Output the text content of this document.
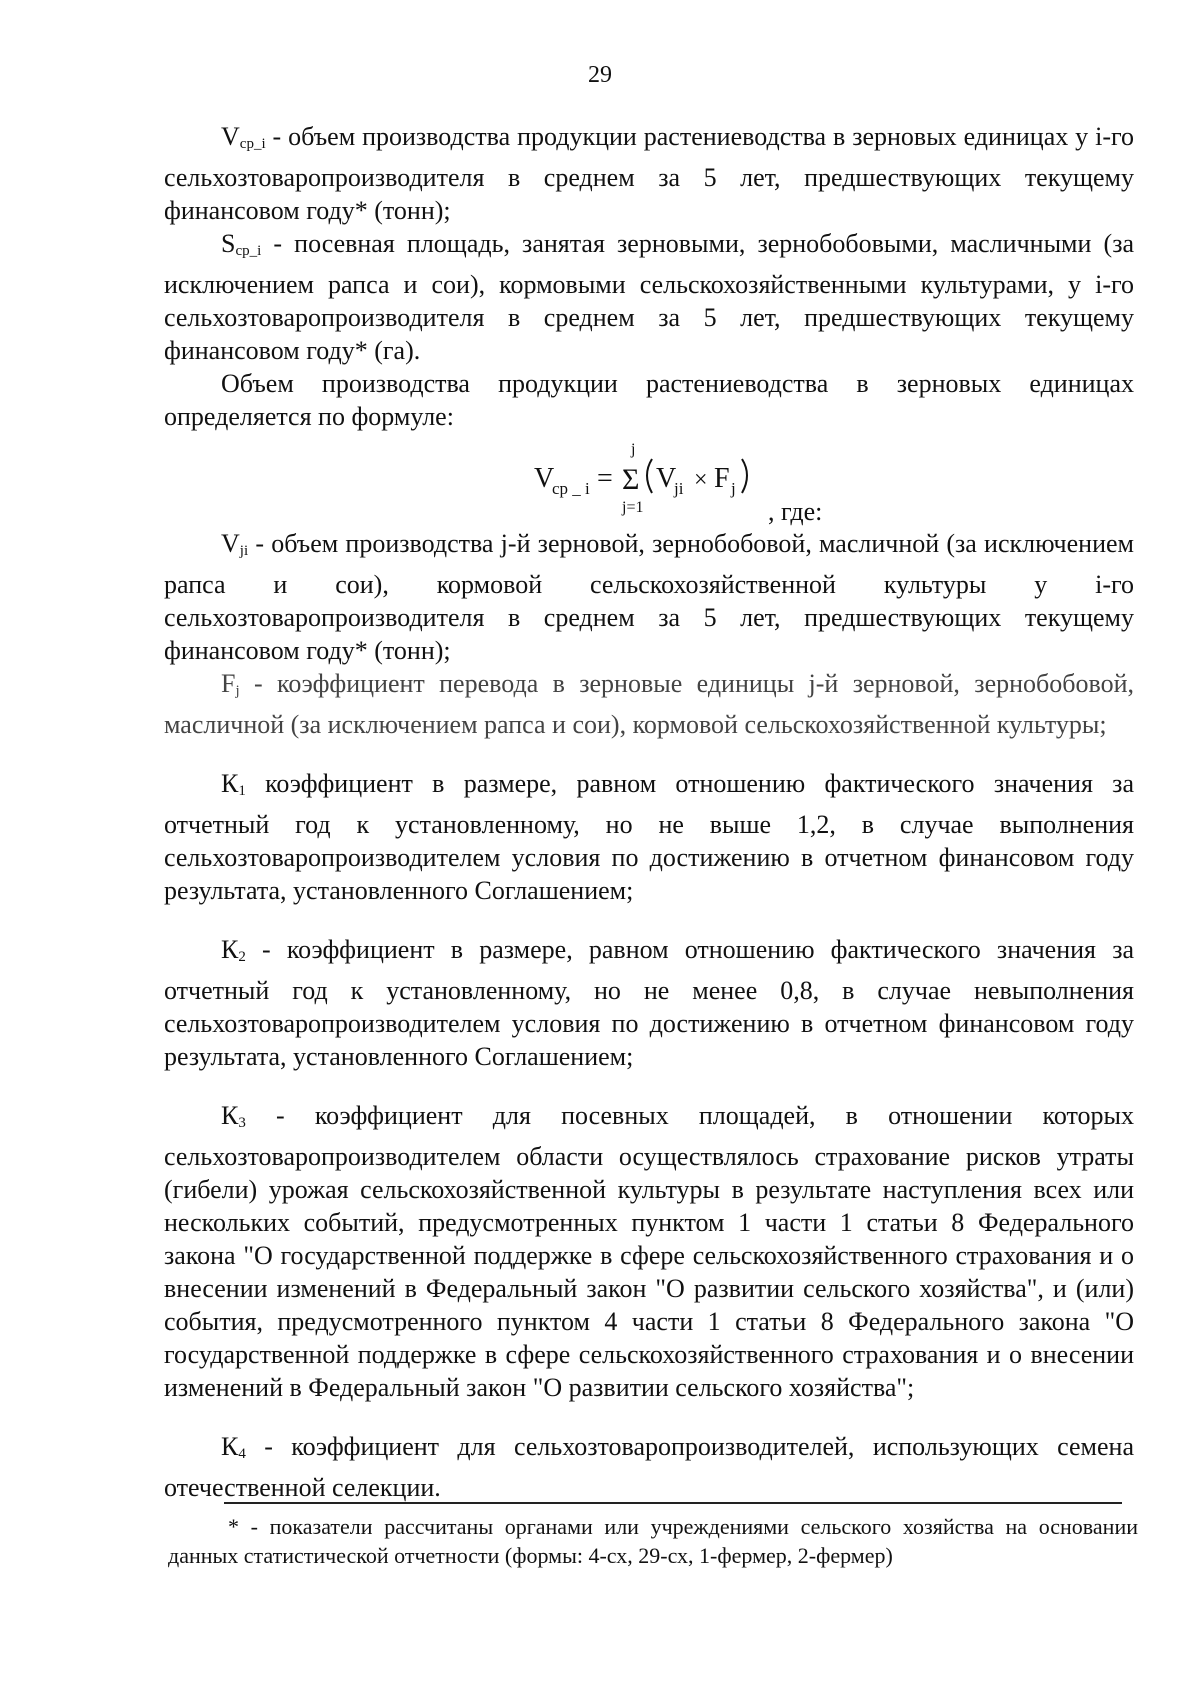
29

$V_{ср\_i}$ - объем производства продукции растениеводства в зерновых единицах у i-го сельхозтоваропроизводителя в среднем за 5 лет, предшествующих текущему финансовом году* (тонн);

$S_{ср\_i}$ - посевная площадь, занятая зерновыми, зернобобовыми, масличными (за исключением рапса и сои), кормовыми сельскохозяйственными культурами, у i-го сельхозтоваропроизводителя в среднем за 5 лет, предшествующих текущему финансовом году* (га).

Объем производства продукции растениеводства в зерновых единицах определяется по формуле:

V
ср _ i =
j
Σ
j=1
V
ji × F j
, где:

$V_{ji}$ - объем производства j-й зерновой, зернобобовой, масличной (за исключением рапса и сои), кормовой сельскохозяйственной культуры у i-го сельхозтоваропроизводителя в среднем за 5 лет, предшествующих текущему финансовом году* (тонн);

$F_j$ - коэффициент перевода в зерновые единицы j-й зерновой, зернобобовой, масличной (за исключением рапса и сои), кормовой сельскохозяйственной культуры;

$К_1$ коэффициент в размере, равном отношению фактического значения за отчетный год к установленному, но не выше 1,2, в случае выполнения сельхозтоваропроизводителем условия по достижению в отчетном финансовом году результата, установленного Соглашением;

$К_2$ - коэффициент в размере, равном отношению фактического значения за отчетный год к установленному, но не менее 0,8, в случае невыполнения сельхозтоваропроизводителем условия по достижению в отчетном финансовом году результата, установленного Соглашением;

$К_3$ - коэффициент для посевных площадей, в отношении которых сельхозтоваропроизводителем области осуществлялось страхование рисков утраты (гибели) урожая сельскохозяйственной культуры в результате наступления всех или нескольких событий, предусмотренных пунктом 1 части 1 статьи 8 Федерального закона "О государственной поддержке в сфере сельскохозяйственного страхования и о внесении изменений в Федеральный закон "О развитии сельского хозяйства", и (или) события, предусмотренного пунктом 4 части 1 статьи 8 Федерального закона "О государственной поддержке в сфере сельскохозяйственного страхования и о внесении изменений в Федеральный закон "О развитии сельского хозяйства";

$К_4$ - коэффициент для сельхозтоваропроизводителей, использующих семена отечественной селекции.

* - показатели рассчитаны органами или учреждениями сельского хозяйства на основании данных статистической отчетности (формы: 4-сх, 29-сх, 1-фермер, 2-фермер)
